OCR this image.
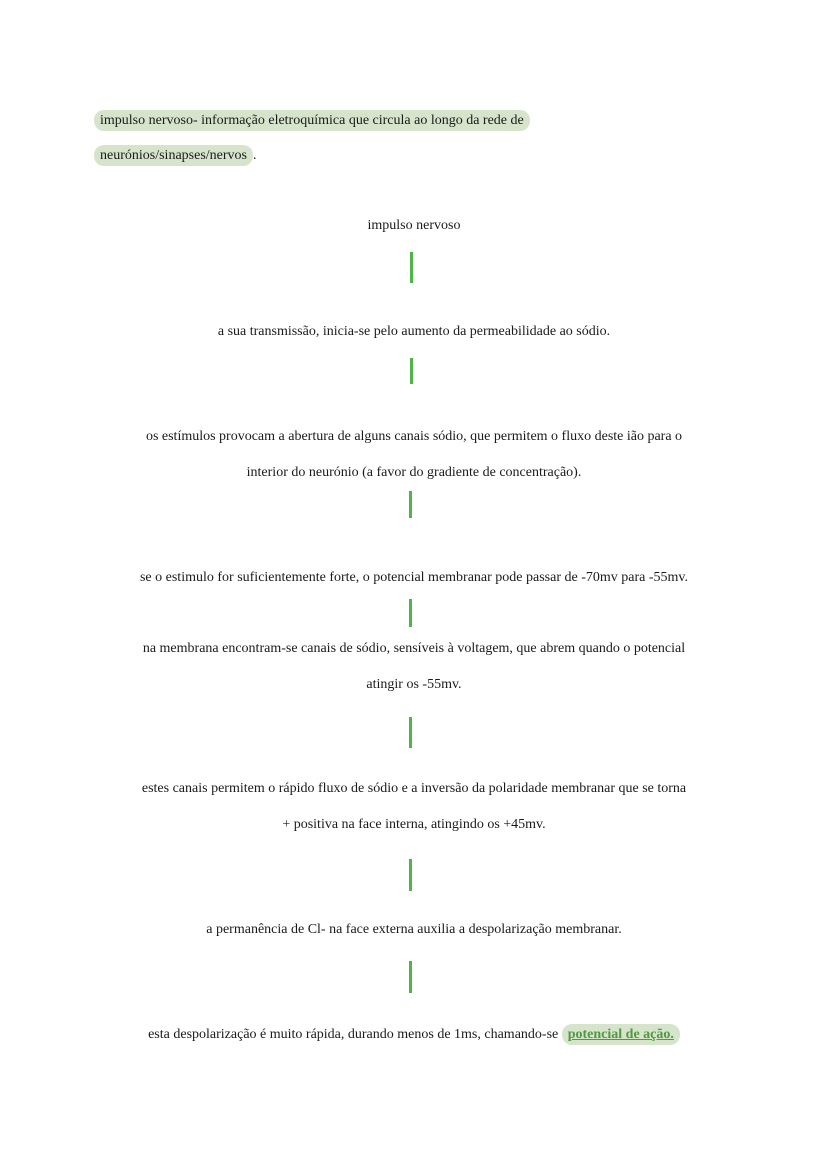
impulso nervoso- informação eletroquímica que circula ao longo da rede de
neurónios/sinapses/nervos .
impulso nervoso
a sua transmissão, inicia-se pelo aumento da permeabilidade ao sódio.
os estímulos provocam a abertura de alguns canais sódio, que permitem o fluxo deste ião para o
interior do neurónio (a favor do gradiente de concentração).
se o estimulo for suficientemente forte, o potencial membranar pode passar de -70mv para -55mv.
na membrana encontram-se canais de sódio, sensíveis à voltagem, que abrem quando o potencial
atingir os -55mv.
estes canais permitem o rápido fluxo de sódio e a inversão da polaridade membranar que se torna
+ positiva na face interna, atingindo os +45mv.
a permanência de Cl- na face externa auxilia a despolarização membranar.
esta despolarização é muito rápida, durando menos de 1ms, chamando-se potencial de ação.
